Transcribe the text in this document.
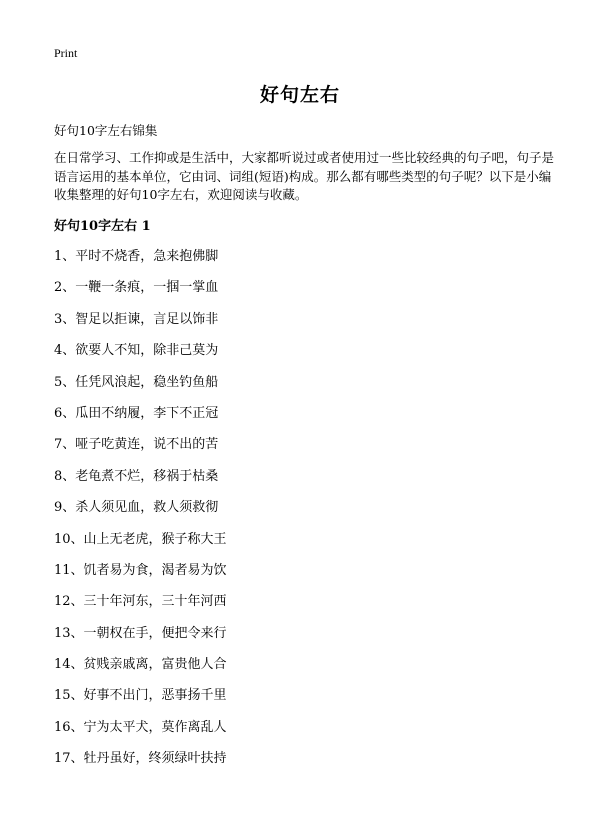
Print
好句左右
好句10字左右锦集
在日常学习、工作抑或是生活中，大家都听说过或者使用过一些比较经典的句子吧，句子是语言运用的基本单位，它由词、词组(短语)构成。那么都有哪些类型的句子呢？以下是小编收集整理的好句10字左右，欢迎阅读与收藏。
好句10字左右 1
1、平时不烧香，急来抱佛脚
2、一鞭一条痕，一掴一掌血
3、智足以拒谏，言足以饰非
4、欲要人不知，除非己莫为
5、任凭风浪起，稳坐钓鱼船
6、瓜田不纳履，李下不正冠
7、哑子吃黄连，说不出的苦
8、老龟煮不烂，移祸于枯桑
9、杀人须见血，救人须救彻
10、山上无老虎，猴子称大王
11、饥者易为食，渴者易为饮
12、三十年河东，三十年河西
13、一朝权在手，便把令来行
14、贫贱亲戚离，富贵他人合
15、好事不出门，恶事扬千里
16、宁为太平犬，莫作离乱人
17、牡丹虽好，终须绿叶扶持
